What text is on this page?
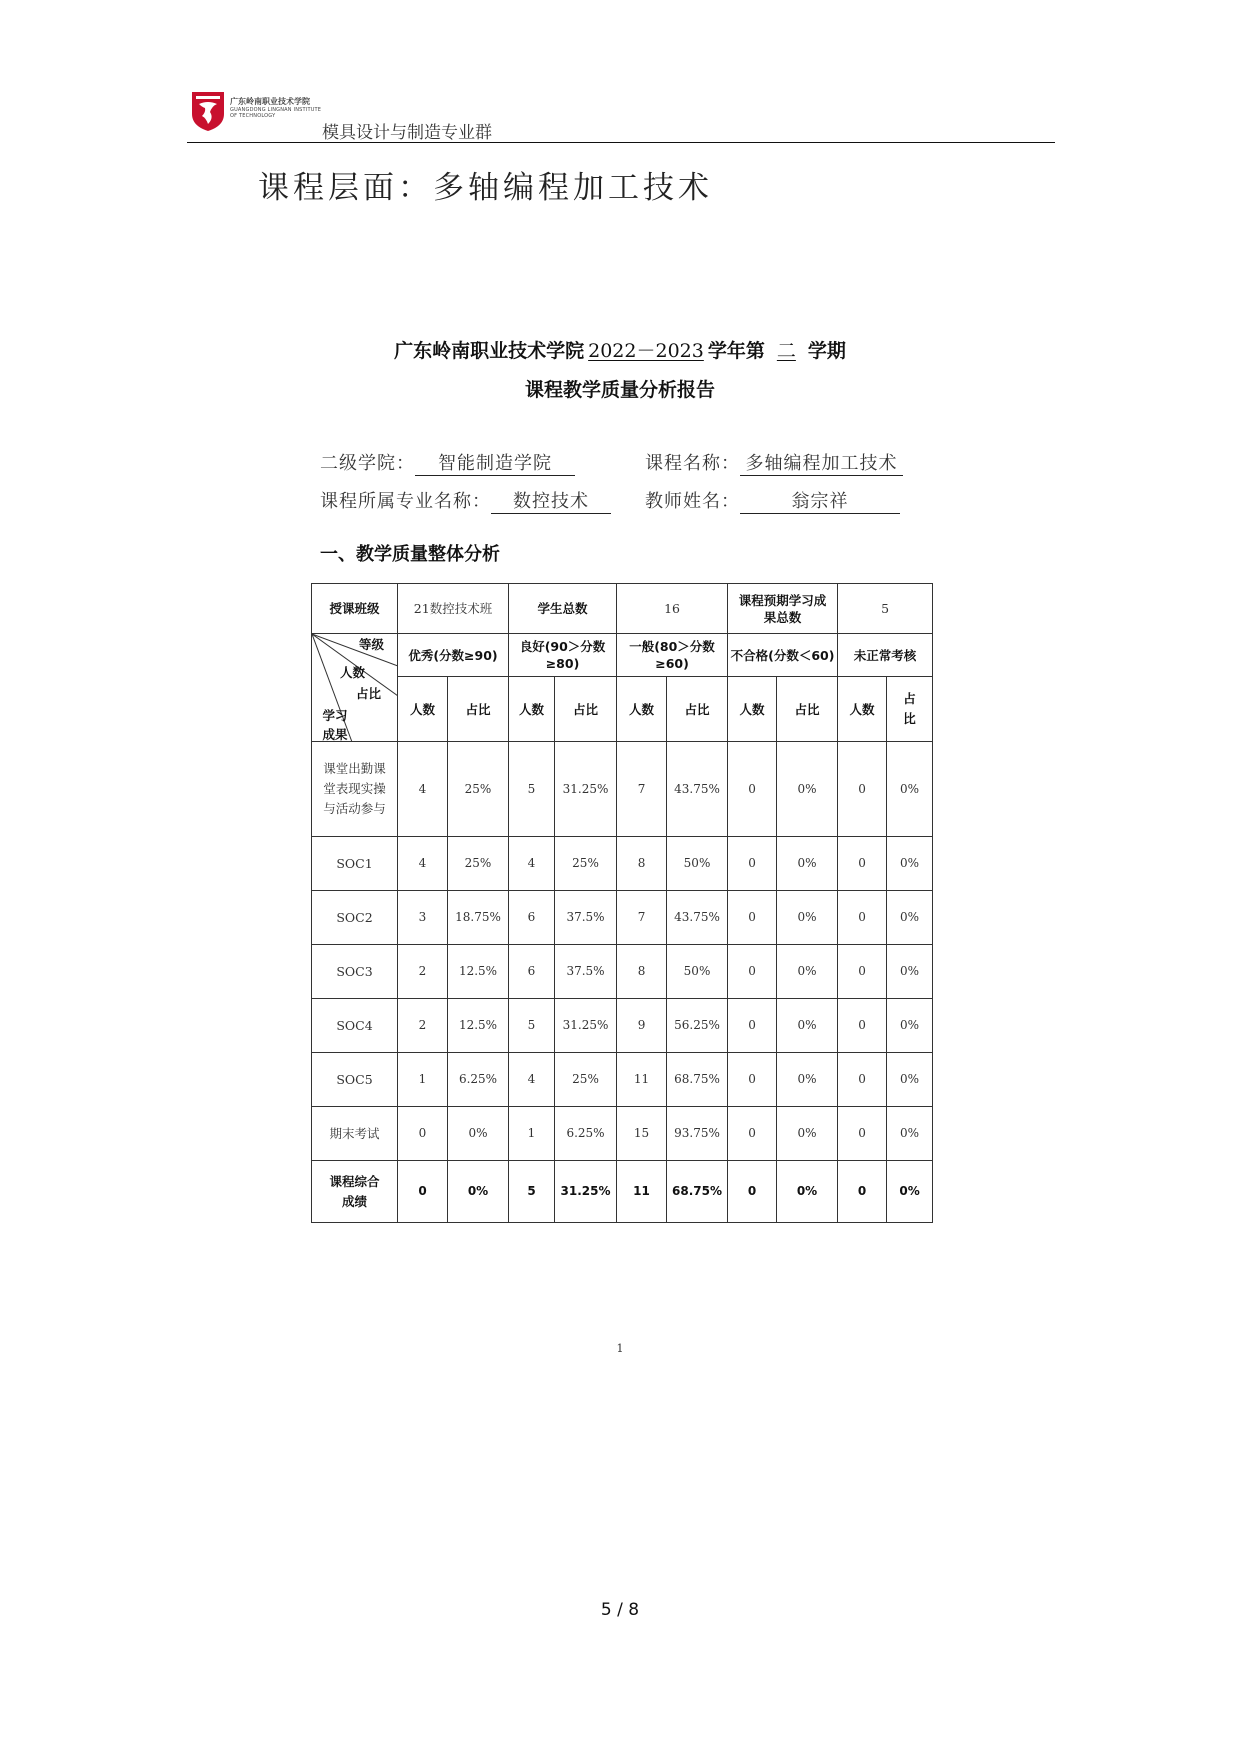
广东岭南职业技术学院
GUANGDONG LINGNAN INSTITUTE OF TECHNOLOGY
模具设计与制造专业群
课程层面：多轴编程加工技术
广东岭南职业技术学院 2022－2023 学年第 二 学期
课程教学质量分析报告
二级学院： 智能制造学院	课程名称： 多轴编程加工技术
课程所属专业名称： 数控技术	教师姓名：	翁宗祥
一、教学质量整体分析
授课班级	21数控技术班		学生总数		16		课程预期学习成果总数		5	

等级
人数
占比
学习成果	优秀(分数≥90)		良好(90＞分数≥80)		一般(80＞分数≥60)		不合格(分数＜60)		未正常考核	
	人数	占比	人数	占比	人数	占比	人数	占比	人数	占比
课堂出勤课堂表现实操与活动参与	4	25%	5	31.25%	7	43.75%	0	0%	0	0%
SOC1	4	25%	4	25%	8	50%	0	0%	0	0%
SOC2	3	18.75%	6	37.5%	7	43.75%	0	0%	0	0%
SOC3	2	12.5%	6	37.5%	8	50%	0	0%	0	0%
SOC4	2	12.5%	5	31.25%	9	56.25%	0	0%	0	0%
SOC5	1	6.25%	4	25%	11	68.75%	0	0%	0	0%
期末考试	0	0%	1	6.25%	15	93.75%	0	0%	0	0%
课程综合成绩	0	0%	5	31.25%	11	68.75%	0	0%	0	0%
1
5 / 8
